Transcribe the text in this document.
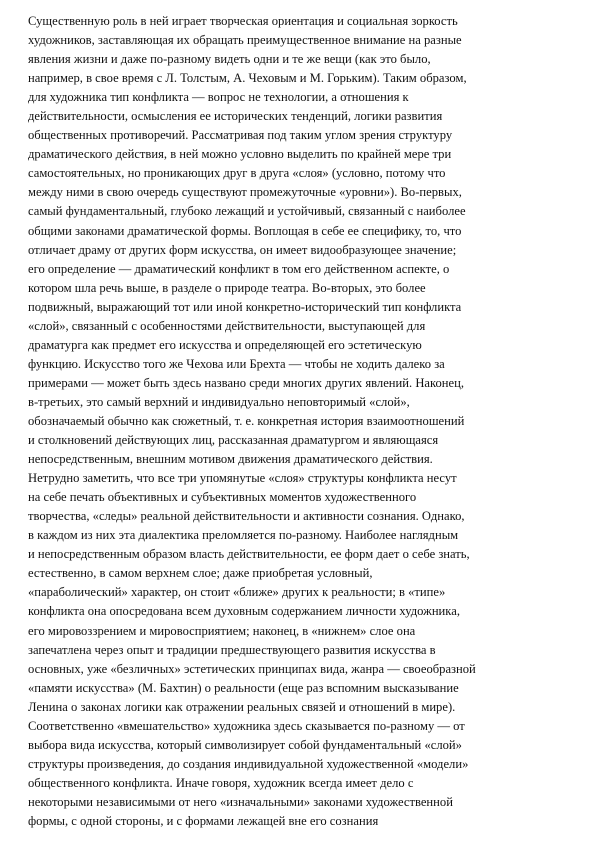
Существенную роль в ней играет творческая ориентация и социальная зоркость
художников, заставляющая их обращать преимущественное внимание на разные
явления жизни и даже по-разному видеть одни и те же вещи (как это было,
например, в свое время с Л. Толстым, А. Чеховым и М. Горьким). Таким образом,
для художника тип конфликта — вопрос не технологии, а отношения к
действительности, осмысления ее исторических тенденций, логики развития
общественных противоречий. Рассматривая под таким углом зрения структуру
драматического действия, в ней можно условно выделить по крайней мере три
самостоятельных, но проникающих друг в друга «слоя» (условно, потому что
между ними в свою очередь существуют промежуточные «уровни»). Во-первых,
самый фундаментальный, глубоко лежащий и устойчивый, связанный с наиболее
общими законами драматической формы. Воплощая в себе ее специфику, то, что
отличает драму от других форм искусства, он имеет видообразующее значение;
его определение — драматический конфликт в том его действенном аспекте, о
котором шла речь выше, в разделе о природе театра. Во-вторых, это более
подвижный, выражающий тот или иной конкретно-исторический тип конфликта
«слой», связанный с особенностями действительности, выступающей для
драматурга как предмет его искусства и определяющей его эстетическую
функцию. Искусство того же Чехова или Брехта — чтобы не ходить далеко за
примерами — может быть здесь названо среди многих других явлений. Наконец,
в-третьих, это самый верхний и индивидуально неповторимый «слой»,
обозначаемый обычно как сюжетный, т. е. конкретная история взаимоотношений
и столкновений действующих лиц, рассказанная драматургом и являющаяся
непосредственным, внешним мотивом движения драматического действия.
Нетрудно заметить, что все три упомянутые «слоя» структуры конфликта несут
на себе печать объективных и субъективных моментов художественного
творчества, «следы» реальной действительности и активности сознания. Однако,
в каждом из них эта диалектика преломляется по-разному. Наиболее наглядным
и непосредственным образом власть действительности, ее форм дает о себе знать,
естественно, в самом верхнем слое; даже приобретая условный,
«параболический» характер, он стоит «ближе» других к реальности; в «типе»
конфликта она опосредована всем духовным содержанием личности художника,
его мировоззрением и мировосприятием; наконец, в «нижнем» слое она
запечатлена через опыт и традиции предшествующего развития искусства в
основных, уже «безличных» эстетических принципах вида, жанра — своеобразной
«памяти искусства» (М. Бахтин) о реальности (еще раз вспомним высказывание
Ленина о законах логики как отражении реальных связей и отношений в мире).
Соответственно «вмешательство» художника здесь сказывается по-разному — от
выбора вида искусства, который символизирует собой фундаментальный «слой»
структуры произведения, до создания индивидуальной художественной «модели»
общественного конфликта. Иначе говоря, художник всегда имеет дело с
некоторыми независимыми от него «изначальными» законами художественной
формы, с одной стороны, и с формами лежащей вне его сознания
